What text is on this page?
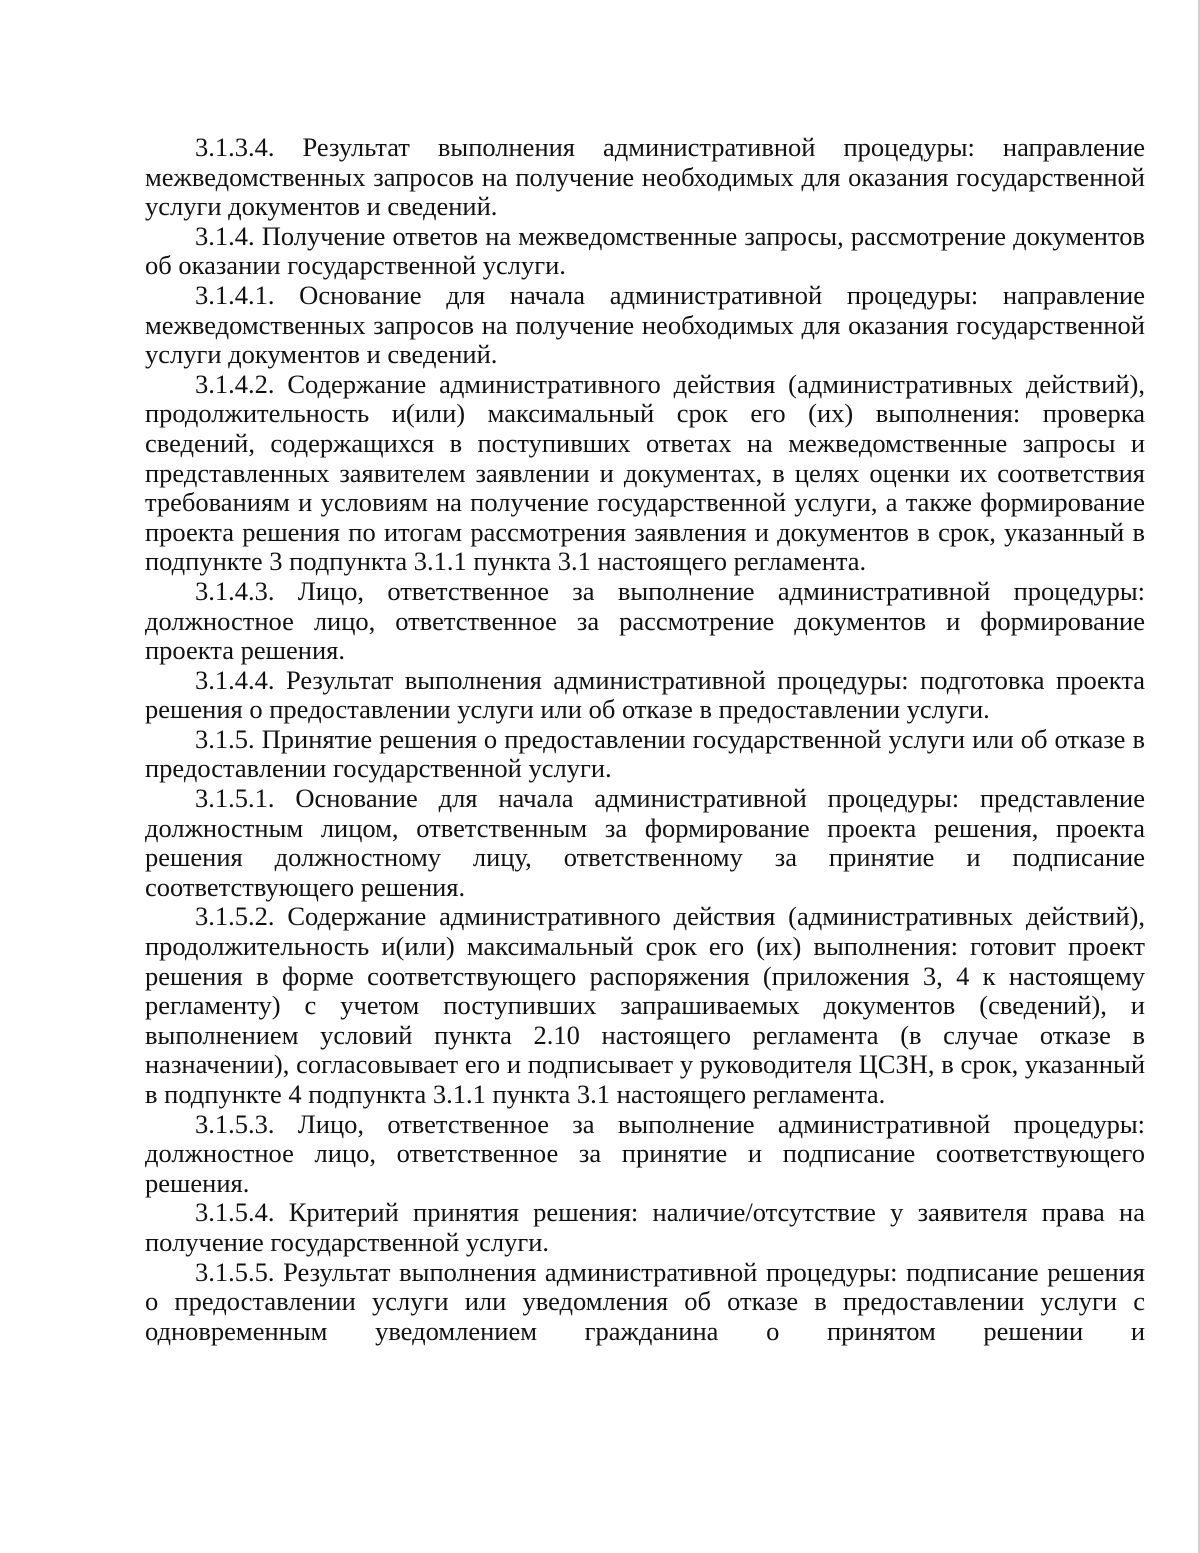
3.1.3.4. Результат выполнения административной процедуры: направление межведомственных запросов на получение необходимых для оказания государственной услуги документов и сведений.

3.1.4. Получение ответов на межведомственные запросы, рассмотрение документов об оказании государственной услуги.

3.1.4.1. Основание для начала административной процедуры: направление межведомственных запросов на получение необходимых для оказания государственной услуги документов и сведений.

3.1.4.2. Содержание административного действия (административных действий), продолжительность и(или) максимальный срок его (их) выполнения: проверка сведений, содержащихся в поступивших ответах на межведомственные запросы и представленных заявителем заявлении и документах, в целях оценки их соответствия требованиям и условиям на получение государственной услуги, а также формирование проекта решения по итогам рассмотрения заявления и документов в срок, указанный в подпункте 3 подпункта 3.1.1 пункта 3.1 настоящего регламента.

3.1.4.3. Лицо, ответственное за выполнение административной процедуры: должностное лицо, ответственное за рассмотрение документов и формирование проекта решения.

3.1.4.4. Результат выполнения административной процедуры: подготовка проекта решения о предоставлении услуги или об отказе в предоставлении услуги.

3.1.5. Принятие решения о предоставлении государственной услуги или об отказе в предоставлении государственной услуги.

3.1.5.1. Основание для начала административной процедуры: представление должностным лицом, ответственным за формирование проекта решения, проекта решения должностному лицу, ответственному за принятие и подписание соответствующего решения.

3.1.5.2. Содержание административного действия (административных действий), продолжительность и(или) максимальный срок его (их) выполнения: готовит проект решения в форме соответствующего распоряжения (приложения 3, 4 к настоящему регламенту) с учетом поступивших запрашиваемых документов (сведений), и выполнением условий пункта 2.10 настоящего регламента (в случае отказе в назначении), согласовывает его и подписывает у руководителя ЦСЗН, в срок, указанный в подпункте 4 подпункта 3.1.1 пункта 3.1 настоящего регламента.

3.1.5.3. Лицо, ответственное за выполнение административной процедуры: должностное лицо, ответственное за принятие и подписание соответствующего решения.

3.1.5.4. Критерий принятия решения: наличие/отсутствие у заявителя права на получение государственной услуги.

3.1.5.5. Результат выполнения административной процедуры: подписание решения о предоставлении услуги или уведомления об отказе в предоставлении услуги с одновременным уведомлением гражданина о принятом решении и
